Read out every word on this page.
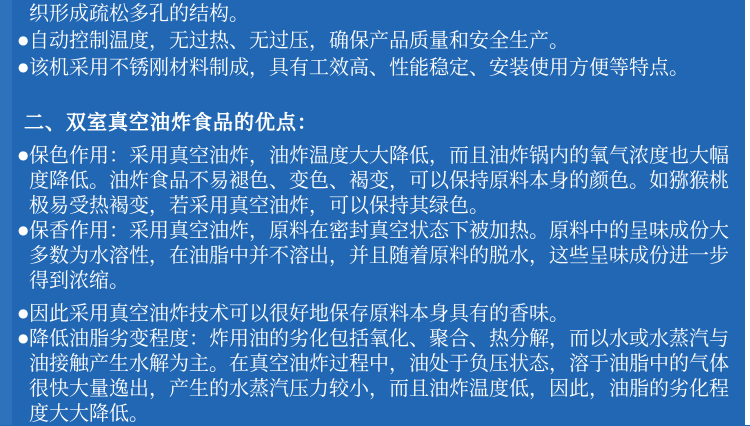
织形成疏松多孔的结构。
● 自动控制温度，无过热、无过压，确保产品质量和安全生产。
● 该机采用不锈刚材料制成，具有工效高、性能稳定、安装使用方便等特点。
二、双室真空油炸食品的优点：
● 保色作用：采用真空油炸，油炸温度大大降低，而且油炸锅内的氧气浓度也大幅度降低。油炸食品不易褪色、变色、褐变，可以保持原料本身的颜色。如猕猴桃极易受热褐变，若采用真空油炸，可以保持其绿色。
● 保香作用：采用真空油炸，原料在密封真空状态下被加热。原料中的呈味成份大多数为水溶性，在油脂中并不溶出，并且随着原料的脱水，这些呈味成份进一步得到浓缩。
● 因此采用真空油炸技术可以很好地保存原料本身具有的香味。
● 降低油脂劣变程度：炸用油的劣化包括氧化、聚合、热分解，而以水或水蒸汽与油接触产生水解为主。在真空油炸过程中，油处于负压状态，溶于油脂中的气体很快大量逸出，产生的水蒸汽压力较小，而且油炸温度低，因此，油脂的劣化程度大大降低。
